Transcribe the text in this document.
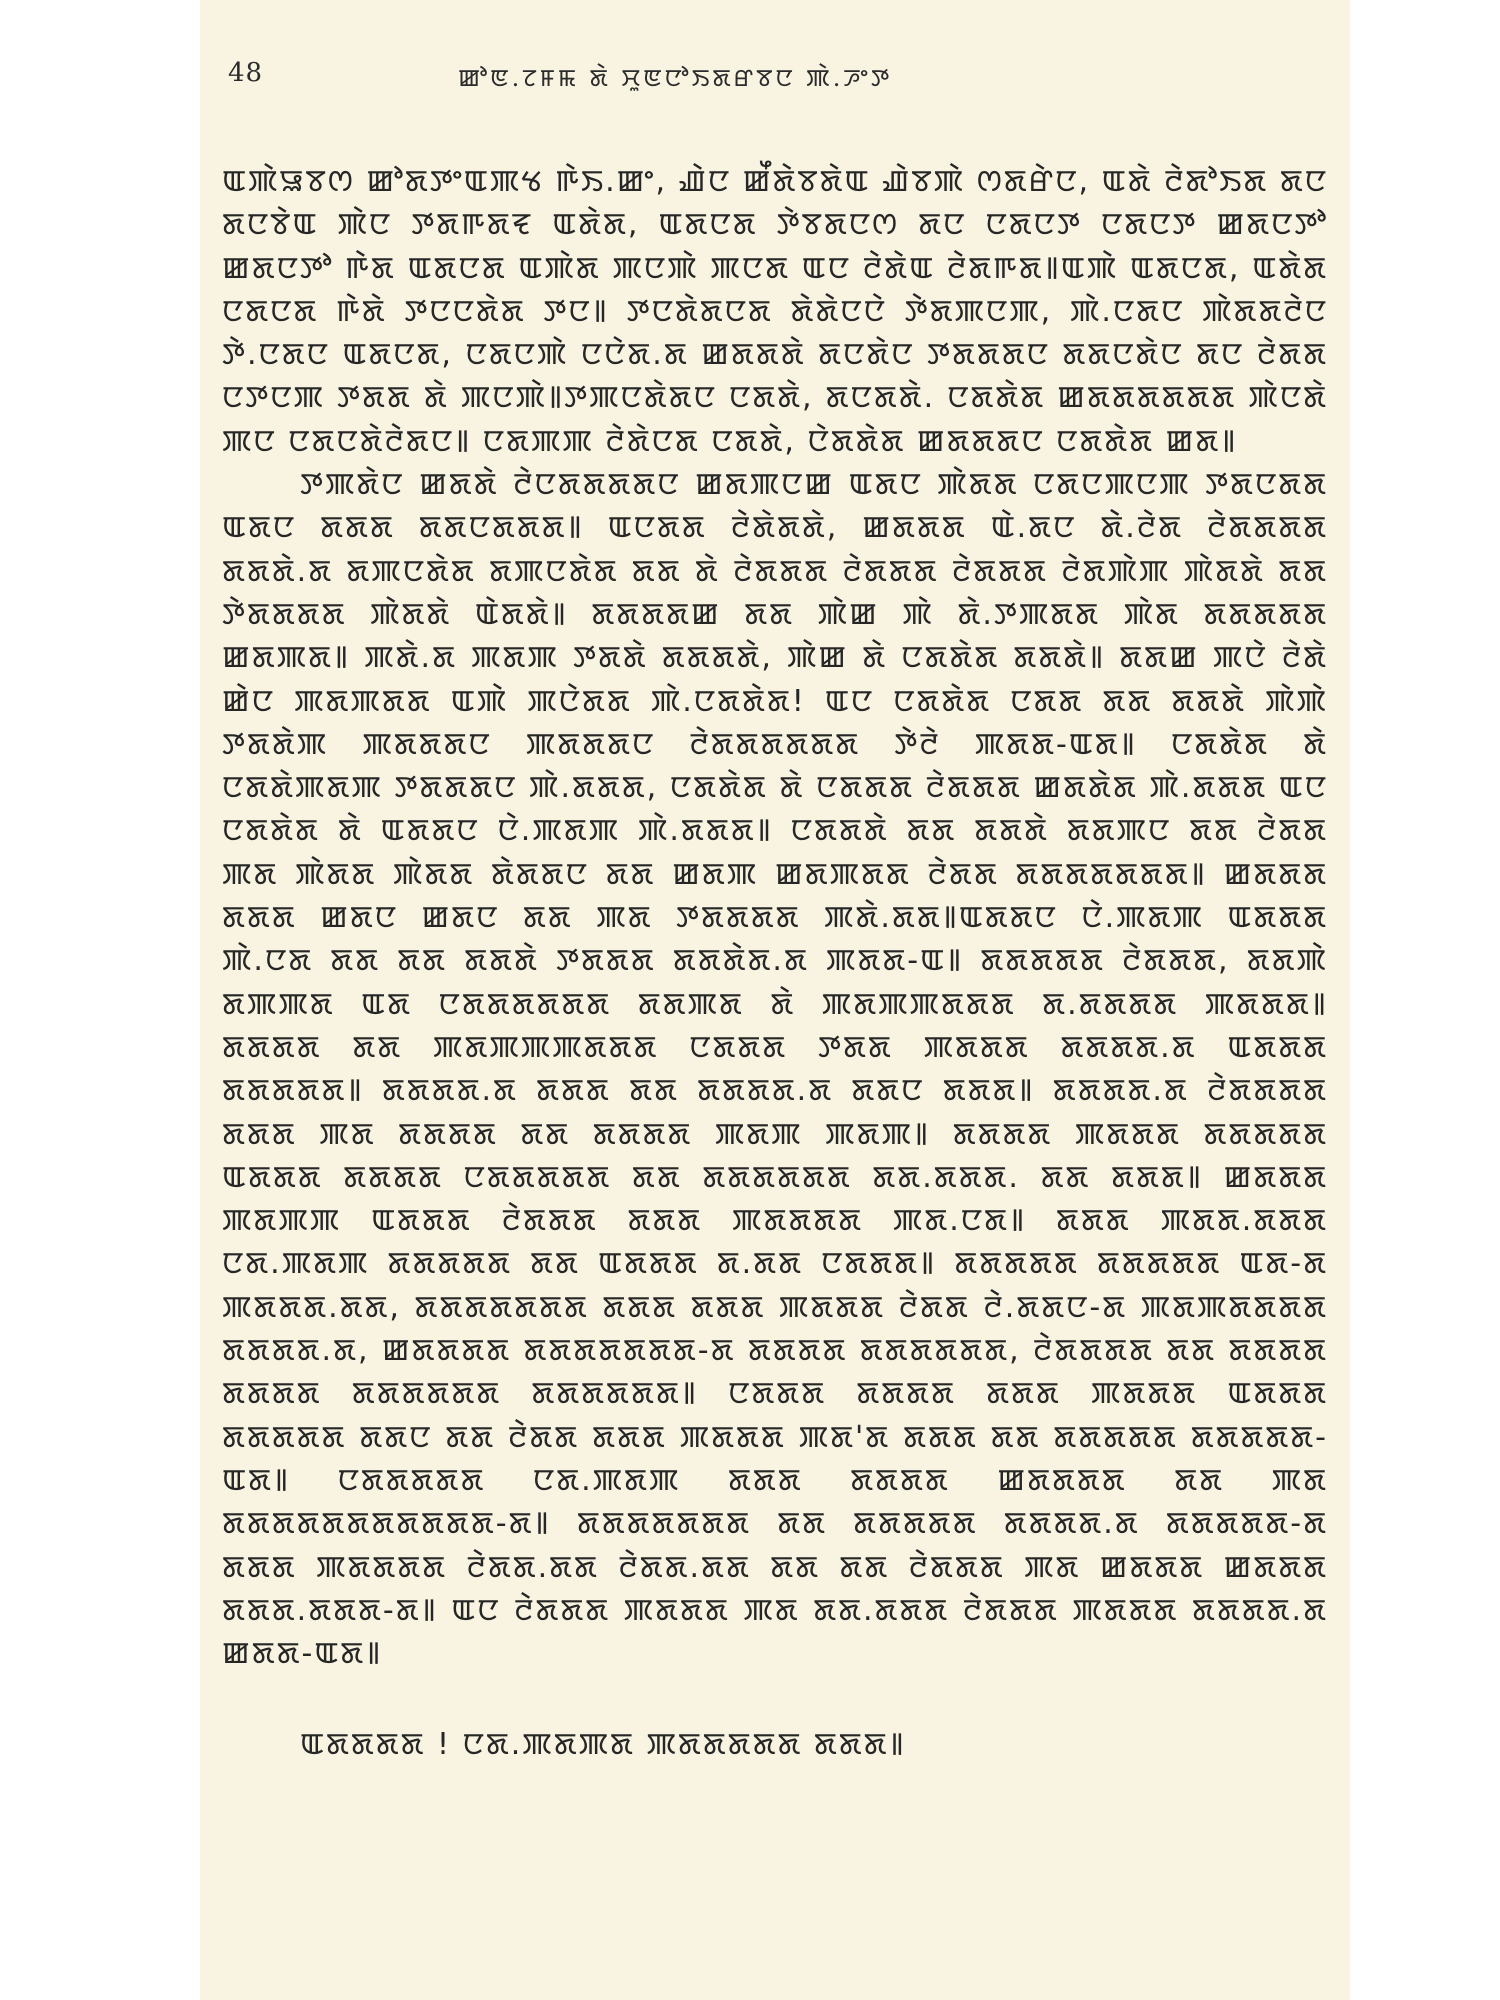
48	ꯀꯣꯟ.ꯖꯝꯃ ꯗꯥ ꯆꯨꯟꯅꯣꯏꯗꯔꯕꯅ ꯄꯥ.ꯍꯦꯇ

ꯑꯄꯥꯎꯕꯁ ꯀꯣꯗꯇꯦꯑꯄꯠ ꯒꯥꯏ.ꯀꯦ, ꯉꯥꯅ ꯀꯩꯗꯥꯕꯗꯥꯑ ꯉꯥꯕꯄꯥ ꯁꯗꯔꯥꯅ, ꯑꯗꯥ ꯂꯥꯗꯣꯏꯗ ꯗꯅ ꯗꯅꯕꯥꯑ ꯄꯥꯅ ꯇꯗꯒꯗꯓ ꯑꯗꯥꯗ, ꯑꯗꯅꯗ ꯇꯥꯕꯗꯅꯁ ꯗꯅ ꯅꯗꯅꯇ ꯅꯗꯅꯇ ꯀꯗꯅꯇꯣ ꯀꯗꯅꯇꯣ ꯒꯥꯗ ꯑꯗꯅꯗ ꯑꯄꯥꯗ ꯄꯅꯄꯥ ꯄꯅꯗ ꯑꯅ ꯂꯥꯗꯥꯑ ꯂꯥꯗꯒꯗ꯫ꯑꯄꯥ ꯑꯗꯅꯗ, ꯑꯗꯥꯗ ꯅꯗꯅꯗ ꯒꯥꯗꯥ ꯇꯅꯅꯗꯥꯗ ꯇꯅ꯫ ꯇꯅꯗꯥꯗꯅꯗ ꯗꯥꯗꯥꯅꯅꯥ ꯇꯥꯗꯄꯅꯄ, ꯄꯥ.ꯅꯗꯅ ꯄꯥꯗꯗꯂꯥꯅ ꯇꯥ.ꯅꯗꯅ ꯑꯗꯅꯗ, ꯅꯗꯅꯄꯥ ꯅꯅꯥꯗ.ꯗ ꯀꯗꯗꯗꯥ ꯗꯅꯗꯥꯅ ꯇꯗꯗꯗꯅ ꯗꯗꯅꯗꯥꯅ ꯗꯅ ꯂꯥꯗꯗ ꯅꯇꯅꯄ ꯇꯗꯗ ꯗꯥ ꯄꯅꯄꯥ꯫ꯇꯄꯅꯗꯥꯗꯅ ꯅꯗꯗꯥ, ꯗꯅꯗꯗꯥ. ꯅꯗꯗꯥꯗ ꯀꯗꯗꯗꯗꯗꯗ ꯄꯥꯅꯗꯥ ꯄꯅ ꯅꯗꯅꯗꯥꯂꯥꯗꯅ꯫ ꯅꯗꯄꯄ ꯂꯥꯗꯥꯅꯗ ꯅꯗꯗꯥ, ꯅꯥꯗꯗꯥꯗ ꯀꯗꯗꯗꯅ ꯅꯗꯗꯥꯗ ꯀꯗ꯫

ꯇꯄꯗꯥꯅ ꯀꯗꯗꯥ ꯂꯥꯅꯗꯗꯗꯗꯅ ꯀꯗꯄꯅꯀ ꯑꯗꯅ ꯄꯥꯗꯗ ꯅꯗꯅꯄꯅꯄ ꯇꯗꯅꯗꯗ ꯑꯗꯅ ꯗꯗꯗ ꯗꯗꯅꯗꯗꯗ꯫ ꯑꯅꯗꯗ ꯂꯥꯗꯥꯗꯗꯥ, ꯀꯗꯗꯗ ꯑꯥ.ꯗꯅ ꯗꯥꯥ.ꯂꯥꯗ ꯂꯥꯗꯗꯗꯗ ꯗꯗꯗꯥ.ꯗ ꯗꯄꯅꯗꯥꯗ ꯗꯄꯅꯗꯥꯗ ꯗꯗ ꯗꯥ ꯂꯥꯗꯗꯗ ꯂꯥꯗꯗꯗ ꯂꯥꯗꯗꯗ ꯂꯥꯗꯄꯥꯄ ꯄꯥꯗꯗꯥ ꯗꯗ ꯇꯥꯗꯗꯗꯗ ꯄꯥꯗꯗꯥ ꯑꯥꯗꯗꯥ꯫ ꯗꯗꯗꯗꯀ ꯗꯗ ꯄꯥꯀ ꯄꯥ ꯗꯥ.ꯇꯄꯗꯗ ꯄꯥꯗ ꯗꯗꯗꯗꯗ ꯀꯗꯄꯗ꯫ ꯄꯗꯥ.ꯗ ꯄꯗꯄ ꯇꯗꯗꯥ ꯗꯗꯗꯗꯥ, ꯄꯥꯀ ꯗꯥ ꯅꯗꯗꯥꯗ ꯗꯗꯗꯥ꯫ ꯗꯗꯀ ꯄꯅꯥ ꯂꯥꯗꯥ ꯀꯥꯅ ꯄꯗꯄꯗꯗ ꯑꯄꯥ ꯄꯅꯥꯗꯗ ꯄꯥ.ꯅꯗꯗꯥꯗ! ꯑꯅ ꯅꯗꯗꯥꯗ ꯅꯗꯗ ꯗꯗ ꯗꯗꯗꯥ ꯄꯥꯄꯥ ꯇꯗꯗꯥꯄ ꯄꯗꯗꯗꯅ ꯄꯗꯗꯗꯅ ꯂꯥꯗꯗꯗꯗꯗꯗ ꯇꯥꯂꯥ ꯄꯗꯗ-ꯑꯗ꯫ ꯅꯗꯗꯥꯗ ꯗꯥ ꯅꯗꯗꯥꯄꯗꯄ ꯇꯗꯗꯗꯅ ꯄꯥ.ꯗꯗꯗ, ꯅꯗꯗꯥꯗ ꯗꯥ ꯅꯗꯗꯗ ꯂꯥꯗꯗꯗ ꯀꯗꯗꯥꯗ ꯄꯥ.ꯗꯗꯗ ꯑꯅ ꯅꯗꯗꯥꯗ ꯗꯥ ꯑꯗꯗꯅ ꯅꯥ.ꯄꯗꯄ ꯄꯥ.ꯗꯗꯗ꯫ ꯅꯗꯗꯗꯥ ꯗꯗ ꯗꯗꯗꯥ ꯗꯗꯄꯅ ꯗꯗ ꯂꯥꯗꯗ ꯄꯗ ꯄꯥꯗꯗ ꯄꯥꯗꯗ ꯗꯥꯗꯗꯅ ꯗꯗ ꯀꯗꯄ ꯀꯗꯄꯗꯗ ꯂꯥꯗꯗ ꯗꯗꯗꯗꯗꯗꯗ꯫ ꯀꯗꯗꯗ ꯗꯗꯗ ꯀꯗꯅ ꯀꯗꯅ ꯗꯗ ꯄꯗ ꯇꯗꯗꯗꯗ ꯄꯗꯥ.ꯗꯗ꯫ꯑꯗꯗꯅ ꯅꯥ.ꯄꯗꯄ ꯑꯗꯗꯗ ꯄꯥ.ꯅꯗ ꯗꯗ ꯗꯗ ꯗꯗꯗꯥ ꯇꯗꯗꯗ ꯗꯗꯗꯥꯗ.ꯗ ꯄꯗꯗ-ꯑ꯫ ꯗꯗꯗꯗꯗ ꯂꯥꯗꯗꯗ, ꯗꯗꯄꯥ ꯗꯄꯄꯗ ꯑꯗ ꯅꯗꯗꯗꯗꯗꯗ ꯗꯗꯄꯗ ꯗꯥ ꯄꯗꯄꯄꯗꯗꯗ ꯗ.ꯗꯗꯗꯗ ꯄꯗꯗꯗ꯫ ꯗꯗꯗꯗ ꯗꯗ ꯄꯗꯄꯄꯄꯗꯗꯗ ꯅꯗꯗꯗ ꯇꯗꯗ ꯄꯗꯗꯗ ꯗꯗꯗꯗ.ꯗ ꯑꯗꯗꯗ ꯗꯗꯗꯗꯗ꯫ ꯗꯗꯗꯗ.ꯗ ꯗꯗꯗ ꯗꯗ ꯗꯗꯗꯗ.ꯗ ꯗꯗꯅ ꯗꯗꯗ꯫ ꯗꯗꯗꯗ.ꯗ ꯂꯥꯗꯗꯗꯗ ꯗꯗꯗ ꯄꯗ ꯗꯗꯗꯗ ꯗꯗ ꯗꯗꯗꯗ ꯄꯗꯄ ꯄꯗꯄ꯫ ꯗꯗꯗꯗ ꯄꯗꯗꯗ ꯗꯗꯗꯗꯗ ꯑꯗꯗꯗ ꯗꯗꯗꯗ ꯅꯗꯗꯗꯗꯗ ꯗꯗ ꯗꯗꯗꯗꯗꯗ ꯗꯗ.ꯗꯗꯗ. ꯗꯗ ꯗꯗꯗ꯫ ꯀꯗꯗꯗ ꯄꯗꯄꯄ ꯑꯗꯗꯗ ꯂꯥꯗꯗꯗ ꯗꯗꯗ ꯄꯗꯗꯗꯗ ꯄꯗ.ꯅꯗ꯫ ꯗꯗꯗ ꯄꯗꯗ.ꯗꯗꯗ ꯅꯗ.ꯄꯗꯄ ꯗꯗꯗꯗꯗ ꯗꯗ ꯑꯗꯗꯗ ꯗ.ꯗꯗ ꯅꯗꯗꯗ꯫ ꯗꯗꯗꯗꯗ ꯗꯗꯗꯗꯗ ꯑꯗ-ꯗ ꯄꯗꯗꯗ.ꯗꯗ, ꯗꯗꯗꯗꯗꯗꯗ ꯗꯗꯗ ꯗꯗꯗ ꯄꯗꯗꯗ ꯂꯥꯗꯗ ꯂꯥ.ꯗꯗꯅ-ꯗ ꯄꯗꯄꯗꯗꯗꯗ ꯗꯗꯗꯗ.ꯗ, ꯀꯗꯗꯗꯗ ꯗꯗꯗꯗꯗꯗꯗ-ꯗ ꯗꯗꯗꯗ ꯗꯗꯗꯗꯗꯗ, ꯂꯥꯗꯗꯗꯗ ꯗꯗ ꯗꯗꯗꯗ ꯗꯗꯗꯗ ꯗꯗꯗꯗꯗꯗ ꯗꯗꯗꯗꯗꯗ꯫ ꯅꯗꯗꯗ ꯗꯗꯗꯗ ꯗꯗꯗ ꯄꯗꯗꯗ ꯑꯗꯗꯗ ꯗꯗꯗꯗꯗ ꯗꯗꯅ ꯗꯗ ꯂꯥꯗꯗ ꯗꯗꯗ ꯄꯗꯗꯗ ꯄꯗ'ꯗ ꯗꯗꯗ ꯗꯗ ꯗꯗꯗꯗꯗ ꯗꯗꯗꯗꯗ-ꯑꯗ꯫ ꯅꯗꯗꯗꯗꯗ ꯅꯗ.ꯄꯗꯄ ꯗꯗꯗ ꯗꯗꯗꯗ ꯀꯗꯗꯗꯗ ꯗꯗ ꯄꯗ ꯗꯗꯗꯗꯗꯗꯗꯗꯗꯗꯗ-ꯗ꯫ ꯗꯗꯗꯗꯗꯗꯗ ꯗꯗ ꯗꯗꯗꯗꯗ ꯗꯗꯗꯗ.ꯗ ꯗꯗꯗꯗꯗ-ꯗ ꯗꯗꯗ ꯄꯗꯗꯗꯗ ꯂꯥꯗꯗ.ꯗꯗ ꯂꯥꯗꯗ.ꯗꯗ ꯗꯗ ꯗꯗ ꯂꯥꯗꯗꯗ ꯄꯗ ꯀꯗꯗꯗ ꯀꯗꯗꯗ ꯗꯗꯗ.ꯗꯗꯗ-ꯗ꯫ ꯑꯅ ꯂꯥꯗꯗꯗ ꯄꯗꯗꯗ ꯄꯗ ꯗꯗ.ꯗꯗꯗ ꯂꯥꯗꯗꯗ ꯄꯗꯗꯗ ꯗꯗꯗꯗ.ꯗ ꯀꯗꯗ-ꯑꯗ꯫

ꯑꯗꯗꯗꯗ ! ꯅꯗ.ꯄꯗꯄꯗ ꯄꯗꯗꯗꯗꯗ ꯗꯗꯗ꯫
